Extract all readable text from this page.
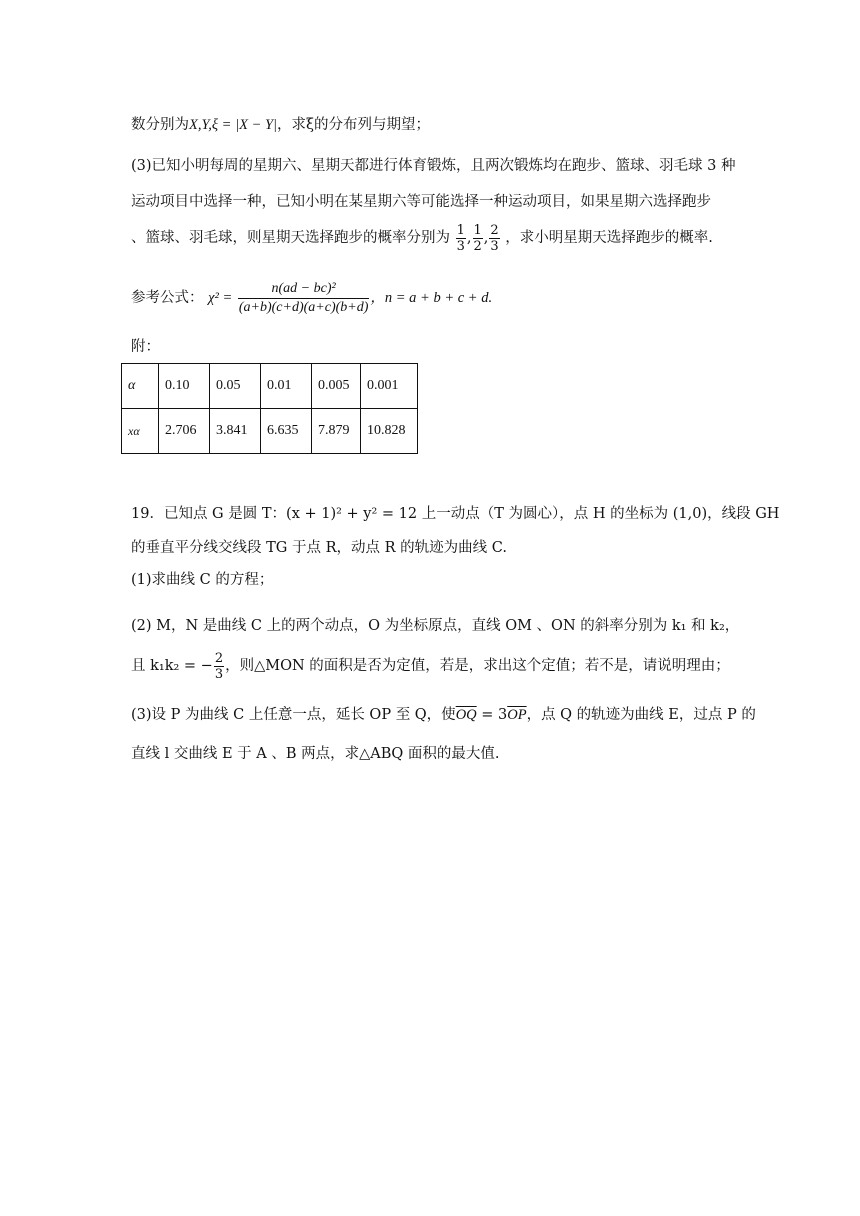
数分别为X,Y,ξ = |X − Y|，求ξ的分布列与期望；
(3)已知小明每周的星期六、星期天都进行体育锻炼，且两次锻炼均在跑步、篮球、羽毛球 3 种
运动项目中选择一种，已知小明在某星期六等可能选择一种运动项目，如果星期六选择跑步
、篮球、羽毛球，则星期天选择跑步的概率分别为 $\frac{1}{3}$ , $\frac{1}{2}$ , $\frac{2}{3}$ ，求小明星期天选择跑步的概率.
参考公式： $\chi^2 = \frac{\text{n(ad − bc)²}}{(a+b)(c+d)(a+c)(b+d)}$ ，n = a + b + c + d.
附：
α	0.10	0.05	0.01	0.005	0.001
xα	2.706	3.841	6.635	7.879	10.828
19．已知点 G 是圆 T：(x + 1)² + y² = 12 上一动点（T 为圆心），点 H 的坐标为 (1,0)，线段 GH
的垂直平分线交线段 TG 于点 R，动点 R 的轨迹为曲线 C.
(1)求曲线 C 的方程；
(2) M，N 是曲线 C 上的两个动点，O 为坐标原点，直线 OM 、ON 的斜率分别为 k₁ 和 k₂，
且 k₁k₂ = − $\frac{2}{3}$ ，则△MON 的面积是否为定值，若是，求出这个定值；若不是，请说明理由；
(3)设 P 为曲线 C 上任意一点，延长 OP 至 Q，使$\overline{OQ} = 3\overline{OP}$，点 Q 的轨迹为曲线 E，过点 P 的
直线 l 交曲线 E 于 A 、B 两点，求△ABQ 面积的最大值.
